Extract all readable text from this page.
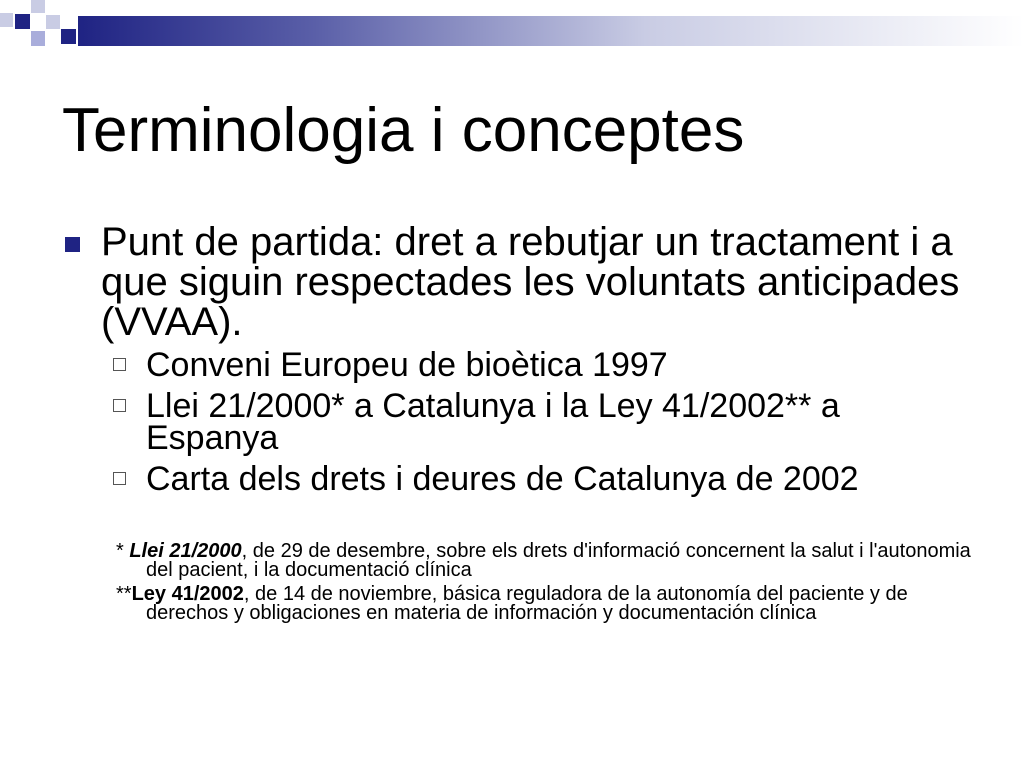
Terminologia i conceptes

Punt de partida: dret a rebutjar un tractament i a que siguin respectades les voluntats anticipades (VVAA).

Conveni Europeu de bioètica 1997
Llei 21/2000* a Catalunya i la Ley 41/2002** a Espanya
Carta dels drets i deures de Catalunya de 2002

* Llei 21/2000, de 29 de desembre, sobre els drets d'informació concernent la salut i l'autonomia del pacient, i la documentació clínica

**Ley 41/2002, de 14 de noviembre, básica reguladora de la autonomía del paciente y de derechos y obligaciones en materia de información y documentación clínica
